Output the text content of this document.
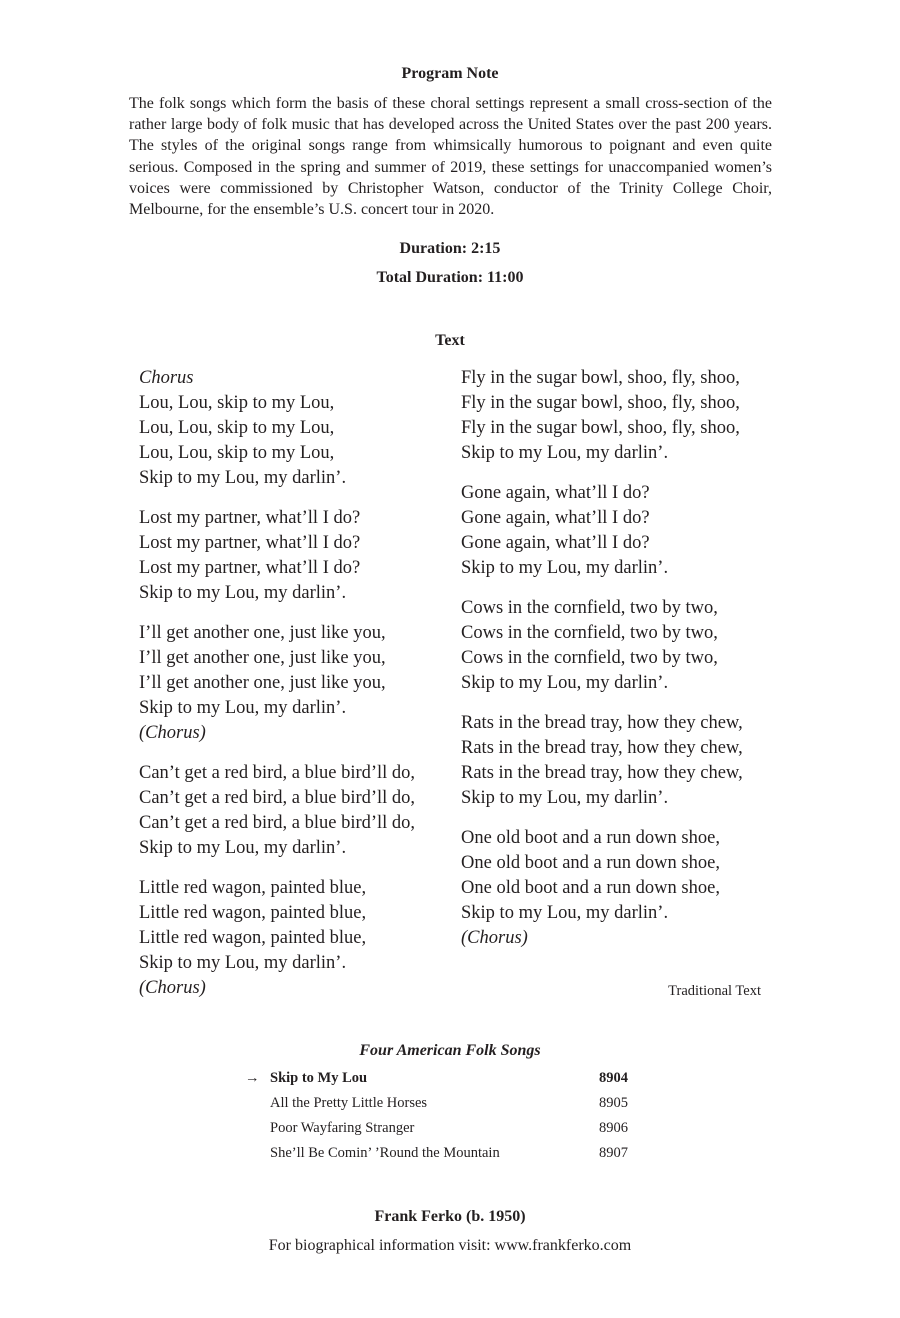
Program Note

The folk songs which form the basis of these choral settings represent a small cross-section of the rather large body of folk music that has developed across the United States over the past 200 years. The styles of the original songs range from whimsically humorous to poignant and even quite serious. Composed in the spring and summer of 2019, these settings for unaccompanied women’s voices were commissioned by Christopher Watson, conductor of the Trinity College Choir, Melbourne, for the ensemble’s U.S. concert tour in 2020.

Duration: 2:15
Total Duration: 11:00
Text
Chorus
Lou, Lou, skip to my Lou,
Lou, Lou, skip to my Lou,
Lou, Lou, skip to my Lou,
Skip to my Lou, my darlin’.
Lost my partner, what’ll I do?
Lost my partner, what’ll I do?
Lost my partner, what’ll I do?
Skip to my Lou, my darlin’.
I’ll get another one, just like you,
I’ll get another one, just like you,
I’ll get another one, just like you,
Skip to my Lou, my darlin’.
(Chorus)
Can’t get a red bird, a blue bird’ll do,
Can’t get a red bird, a blue bird’ll do,
Can’t get a red bird, a blue bird’ll do,
Skip to my Lou, my darlin’.
Little red wagon, painted blue,
Little red wagon, painted blue,
Little red wagon, painted blue,
Skip to my Lou, my darlin’.
(Chorus)
Fly in the sugar bowl, shoo, fly, shoo,
Fly in the sugar bowl, shoo, fly, shoo,
Fly in the sugar bowl, shoo, fly, shoo,
Skip to my Lou, my darlin’.
Gone again, what’ll I do?
Gone again, what’ll I do?
Gone again, what’ll I do?
Skip to my Lou, my darlin’.
Cows in the cornfield, two by two,
Cows in the cornfield, two by two,
Cows in the cornfield, two by two,
Skip to my Lou, my darlin’.
Rats in the bread tray, how they chew,
Rats in the bread tray, how they chew,
Rats in the bread tray, how they chew,
Skip to my Lou, my darlin’.
One old boot and a run down shoe,
One old boot and a run down shoe,
One old boot and a run down shoe,
Skip to my Lou, my darlin’.
(Chorus)
Traditional Text
Four American Folk Songs
→ Skip to My Lou	8904
All the Pretty Little Horses	8905
Poor Wayfaring Stranger	8906
She’ll Be Comin’ ’Round the Mountain	8907
Frank Ferko (b. 1950)
For biographical information visit: www.frankferko.com
